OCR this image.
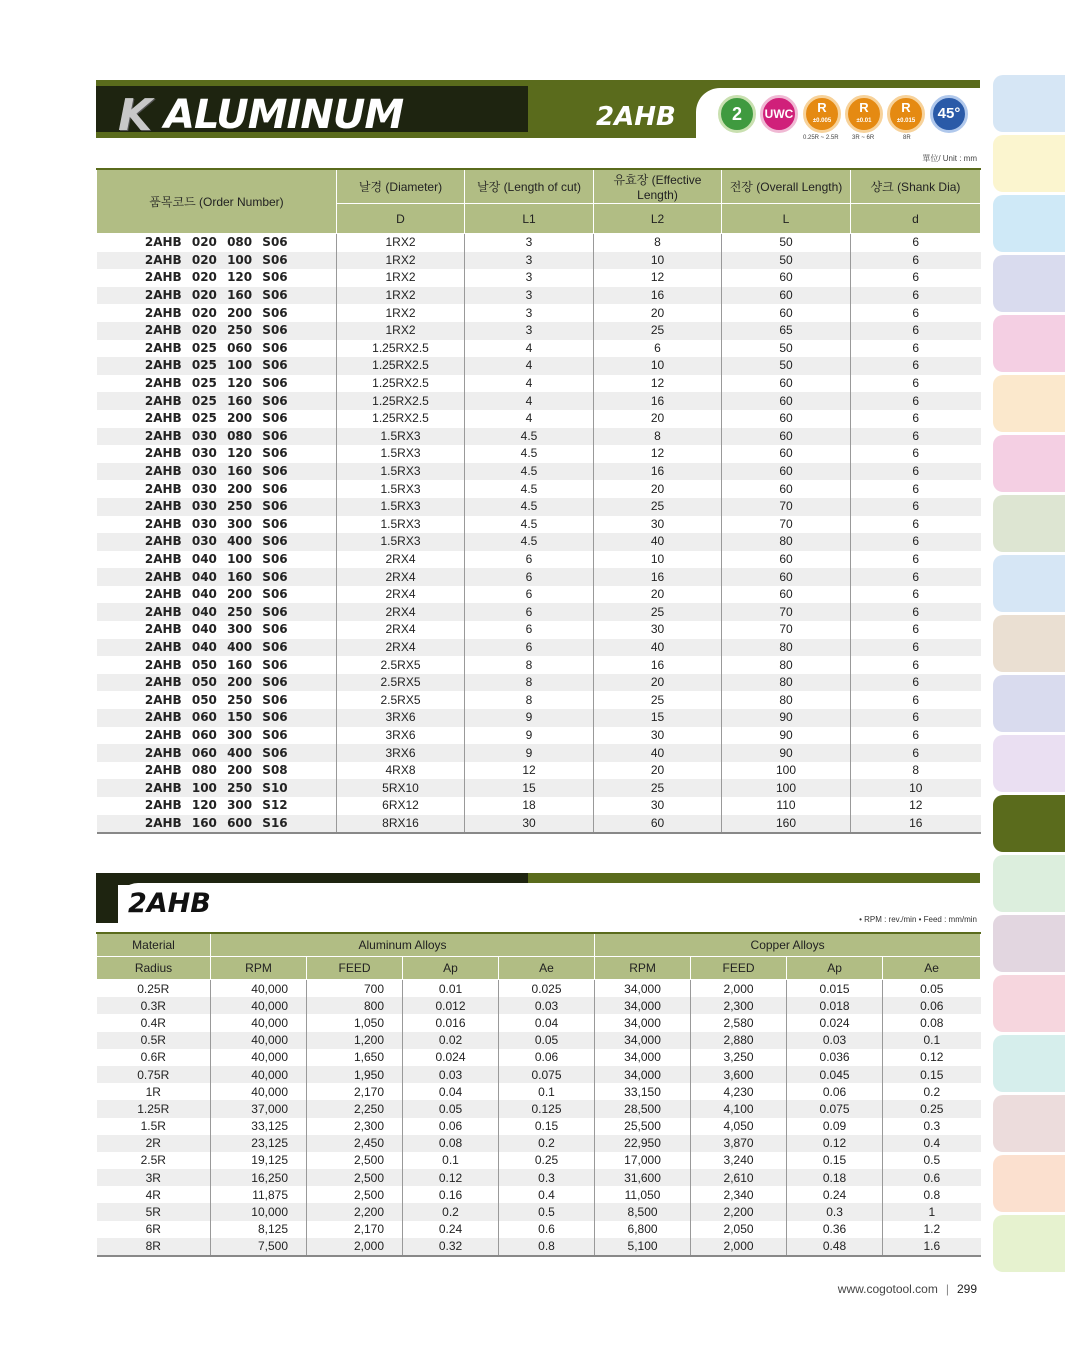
K ALUMINUM	2AHB	2	UWC	R
±0.005
R
±0.01
R
±0.015	45°
0.25R ~ 2.5R 3R ~ 6R	8R
單位/ Unit : mm
품목코드 (Order Number)	날경 (Diameter)	날장 (Length of cut)	유효장 (Effective Length)	전장 (Overall Length)	샹크 (Shank Dia)
	D	L1	L2	L	d
2AHB 020 080 S06	1RX2	3	8	50	6
2AHB 020 100 S06	1RX2	3	10	50	6
2AHB 020 120 S06	1RX2	3	12	60	6
2AHB 020 160 S06	1RX2	3	16	60	6
2AHB 020 200 S06	1RX2	3	20	60	6
2AHB 020 250 S06	1RX2	3	25	65	6
2AHB 025 060 S06	1.25RX2.5	4	6	50	6
2AHB 025 100 S06	1.25RX2.5	4	10	50	6
2AHB 025 120 S06	1.25RX2.5	4	12	60	6
2AHB 025 160 S06	1.25RX2.5	4	16	60	6
2AHB 025 200 S06	1.25RX2.5	4	20	60	6
2AHB 030 080 S06	1.5RX3	4.5	8	60	6
2AHB 030 120 S06	1.5RX3	4.5	12	60	6
2AHB 030 160 S06	1.5RX3	4.5	16	60	6
2AHB 030 200 S06	1.5RX3	4.5	20	60	6
2AHB 030 250 S06	1.5RX3	4.5	25	70	6
2AHB 030 300 S06	1.5RX3	4.5	30	70	6
2AHB 030 400 S06	1.5RX3	4.5	40	80	6
2AHB 040 100 S06	2RX4	6	10	60	6
2AHB 040 160 S06	2RX4	6	16	60	6
2AHB 040 200 S06	2RX4	6	20	60	6
2AHB 040 250 S06	2RX4	6	25	70	6
2AHB 040 300 S06	2RX4	6	30	70	6
2AHB 040 400 S06	2RX4	6	40	80	6
2AHB 050 160 S06	2.5RX5	8	16	80	6
2AHB 050 200 S06	2.5RX5	8	20	80	6
2AHB 050 250 S06	2.5RX5	8	25	80	6
2AHB 060 150 S06	3RX6	9	15	90	6
2AHB 060 300 S06	3RX6	9	30	90	6
2AHB 060 400 S06	3RX6	9	40	90	6
2AHB 080 200 S08	4RX8	12	20	100	8
2AHB 100 250 S10	5RX10	15	25	100	10
2AHB 120 300 S12	6RX12	18	30	110	12
2AHB 160 600 S16	8RX16	30	60	160	16
2AHB
• RPM : rev./min • Feed : mm/min
Material	Aluminum Alloys				Copper Alloys			
Radius	RPM	FEED	Ap	Ae	RPM	FEED	Ap	Ae
0.25R	40,000	700	0.01	0.025	34,000	2,000	0.015	0.05
0.3R	40,000	800	0.012	0.03	34,000	2,300	0.018	0.06
0.4R	40,000	1,050	0.016	0.04	34,000	2,580	0.024	0.08
0.5R	40,000	1,200	0.02	0.05	34,000	2,880	0.03	0.1
0.6R	40,000	1,650	0.024	0.06	34,000	3,250	0.036	0.12
0.75R	40,000	1,950	0.03	0.075	34,000	3,600	0.045	0.15
1R	40,000	2,170	0.04	0.1	33,150	4,230	0.06	0.2
1.25R	37,000	2,250	0.05	0.125	28,500	4,100	0.075	0.25
1.5R	33,125	2,300	0.06	0.15	25,500	4,050	0.09	0.3
2R	23,125	2,450	0.08	0.2	22,950	3,870	0.12	0.4
2.5R	19,125	2,500	0.1	0.25	17,000	3,240	0.15	0.5
3R	16,250	2,500	0.12	0.3	31,600	2,610	0.18	0.6
4R	11,875	2,500	0.16	0.4	11,050	2,340	0.24	0.8
5R	10,000	2,200	0.2	0.5	8,500	2,200	0.3	1
6R	8,125	2,170	0.24	0.6	6,800	2,050	0.36	1.2
8R	7,500	2,000	0.32	0.8	5,100	2,000	0.48	1.6
www.cogotool.com | 299
